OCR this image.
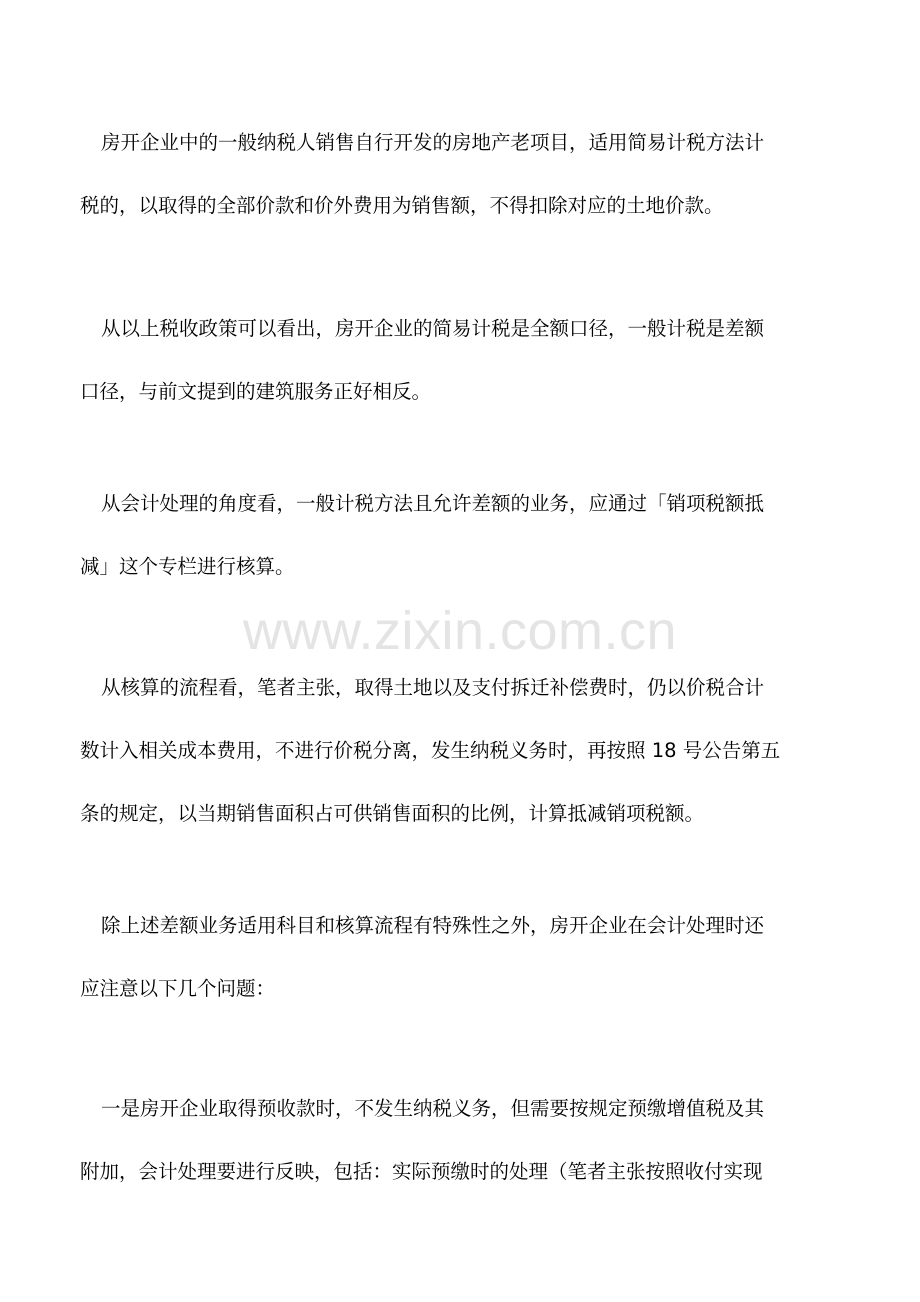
房开企业中的一般纳税人销售自行开发的房地产老项目，适用简易计税方法计
税的，以取得的全部价款和价外费用为销售额，不得扣除对应的土地价款。
从以上税收政策可以看出，房开企业的简易计税是全额口径，一般计税是差额
口径，与前文提到的建筑服务正好相反。
从会计处理的角度看，一般计税方法且允许差额的业务，应通过「销项税额抵
减」这个专栏进行核算。
从核算的流程看，笔者主张，取得土地以及支付拆迁补偿费时，仍以价税合计
数计入相关成本费用，不进行价税分离，发生纳税义务时，再按照 18 号公告第五
条的规定，以当期销售面积占可供销售面积的比例，计算抵减销项税额。
除上述差额业务适用科目和核算流程有特殊性之外，房开企业在会计处理时还
应注意以下几个问题：
一是房开企业取得预收款时，不发生纳税义务，但需要按规定预缴增值税及其
附加，会计处理要进行反映，包括：实际预缴时的处理（笔者主张按照收付实现
www.zixin.com.cn
